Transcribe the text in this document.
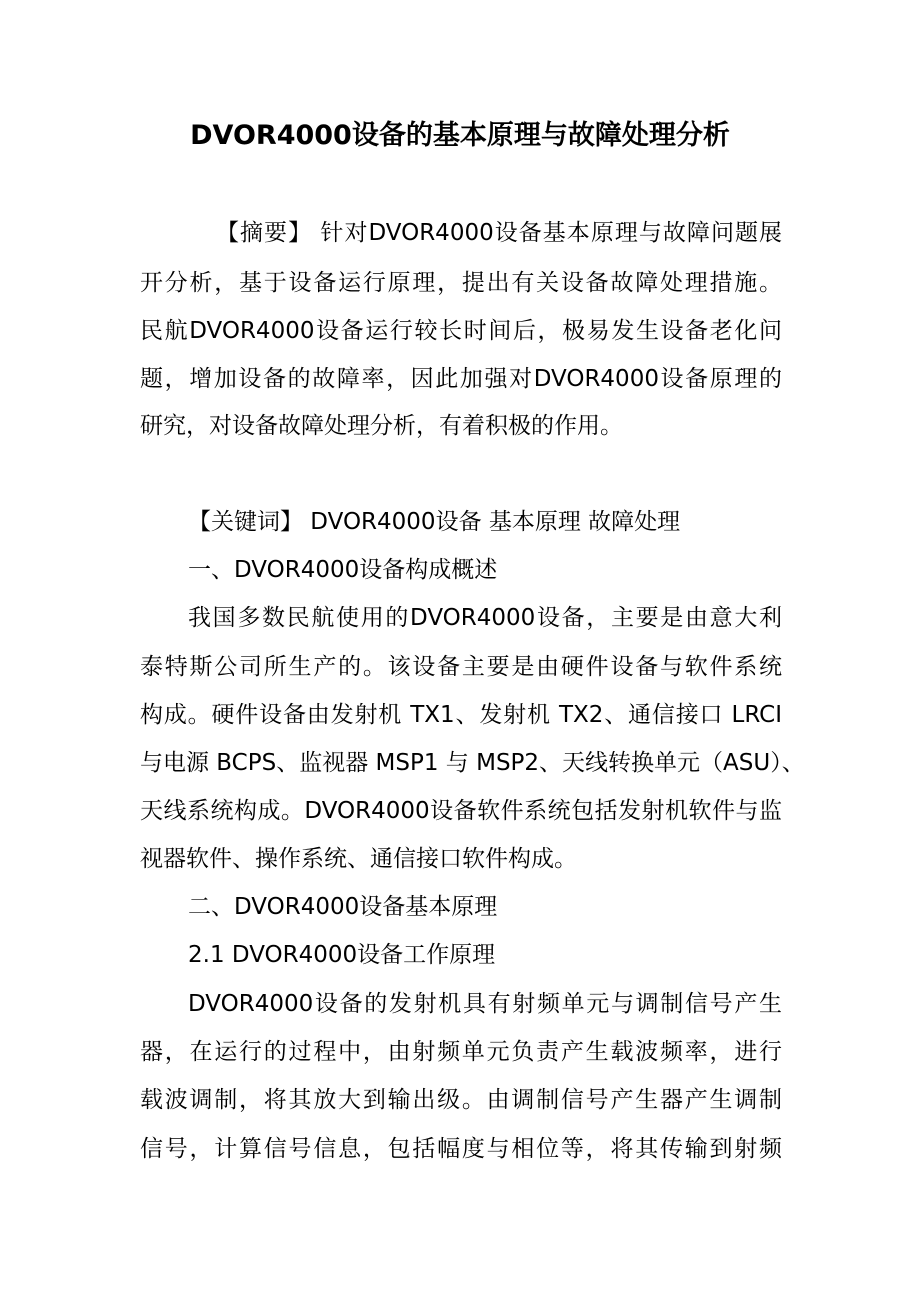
DVOR4000设备的基本原理与故障处理分析
【摘要】 针对DVOR4000设备基本原理与故障问题展
开分析，基于设备运行原理，提出有关设备故障处理措施。
民航DVOR4000设备运行较长时间后，极易发生设备老化问
题，增加设备的故障率，因此加强对DVOR4000设备原理的
研究，对设备故障处理分析，有着积极的作用。
【关键词】 DVOR4000设备 基本原理 故障处理
一、DVOR4000设备构成概述
我国多数民航使用的DVOR4000设备，主要是由意大利
泰特斯公司所生产的。该设备主要是由硬件设备与软件系统
构成。硬件设备由发射机 TX1、发射机 TX2、通信接口 LRCI
与电源 BCPS、监视器 MSP1 与 MSP2、天线转换单元（ASU）、
天线系统构成。DVOR4000设备软件系统包括发射机软件与监
视器软件、操作系统、通信接口软件构成。
二、DVOR4000设备基本原理
2.1 DVOR4000设备工作原理
DVOR4000设备的发射机具有射频单元与调制信号产生
器，在运行的过程中，由射频单元负责产生载波频率，进行
载波调制，将其放大到输出级。由调制信号产生器产生调制
信号，计算信号信息，包括幅度与相位等，将其传输到射频
